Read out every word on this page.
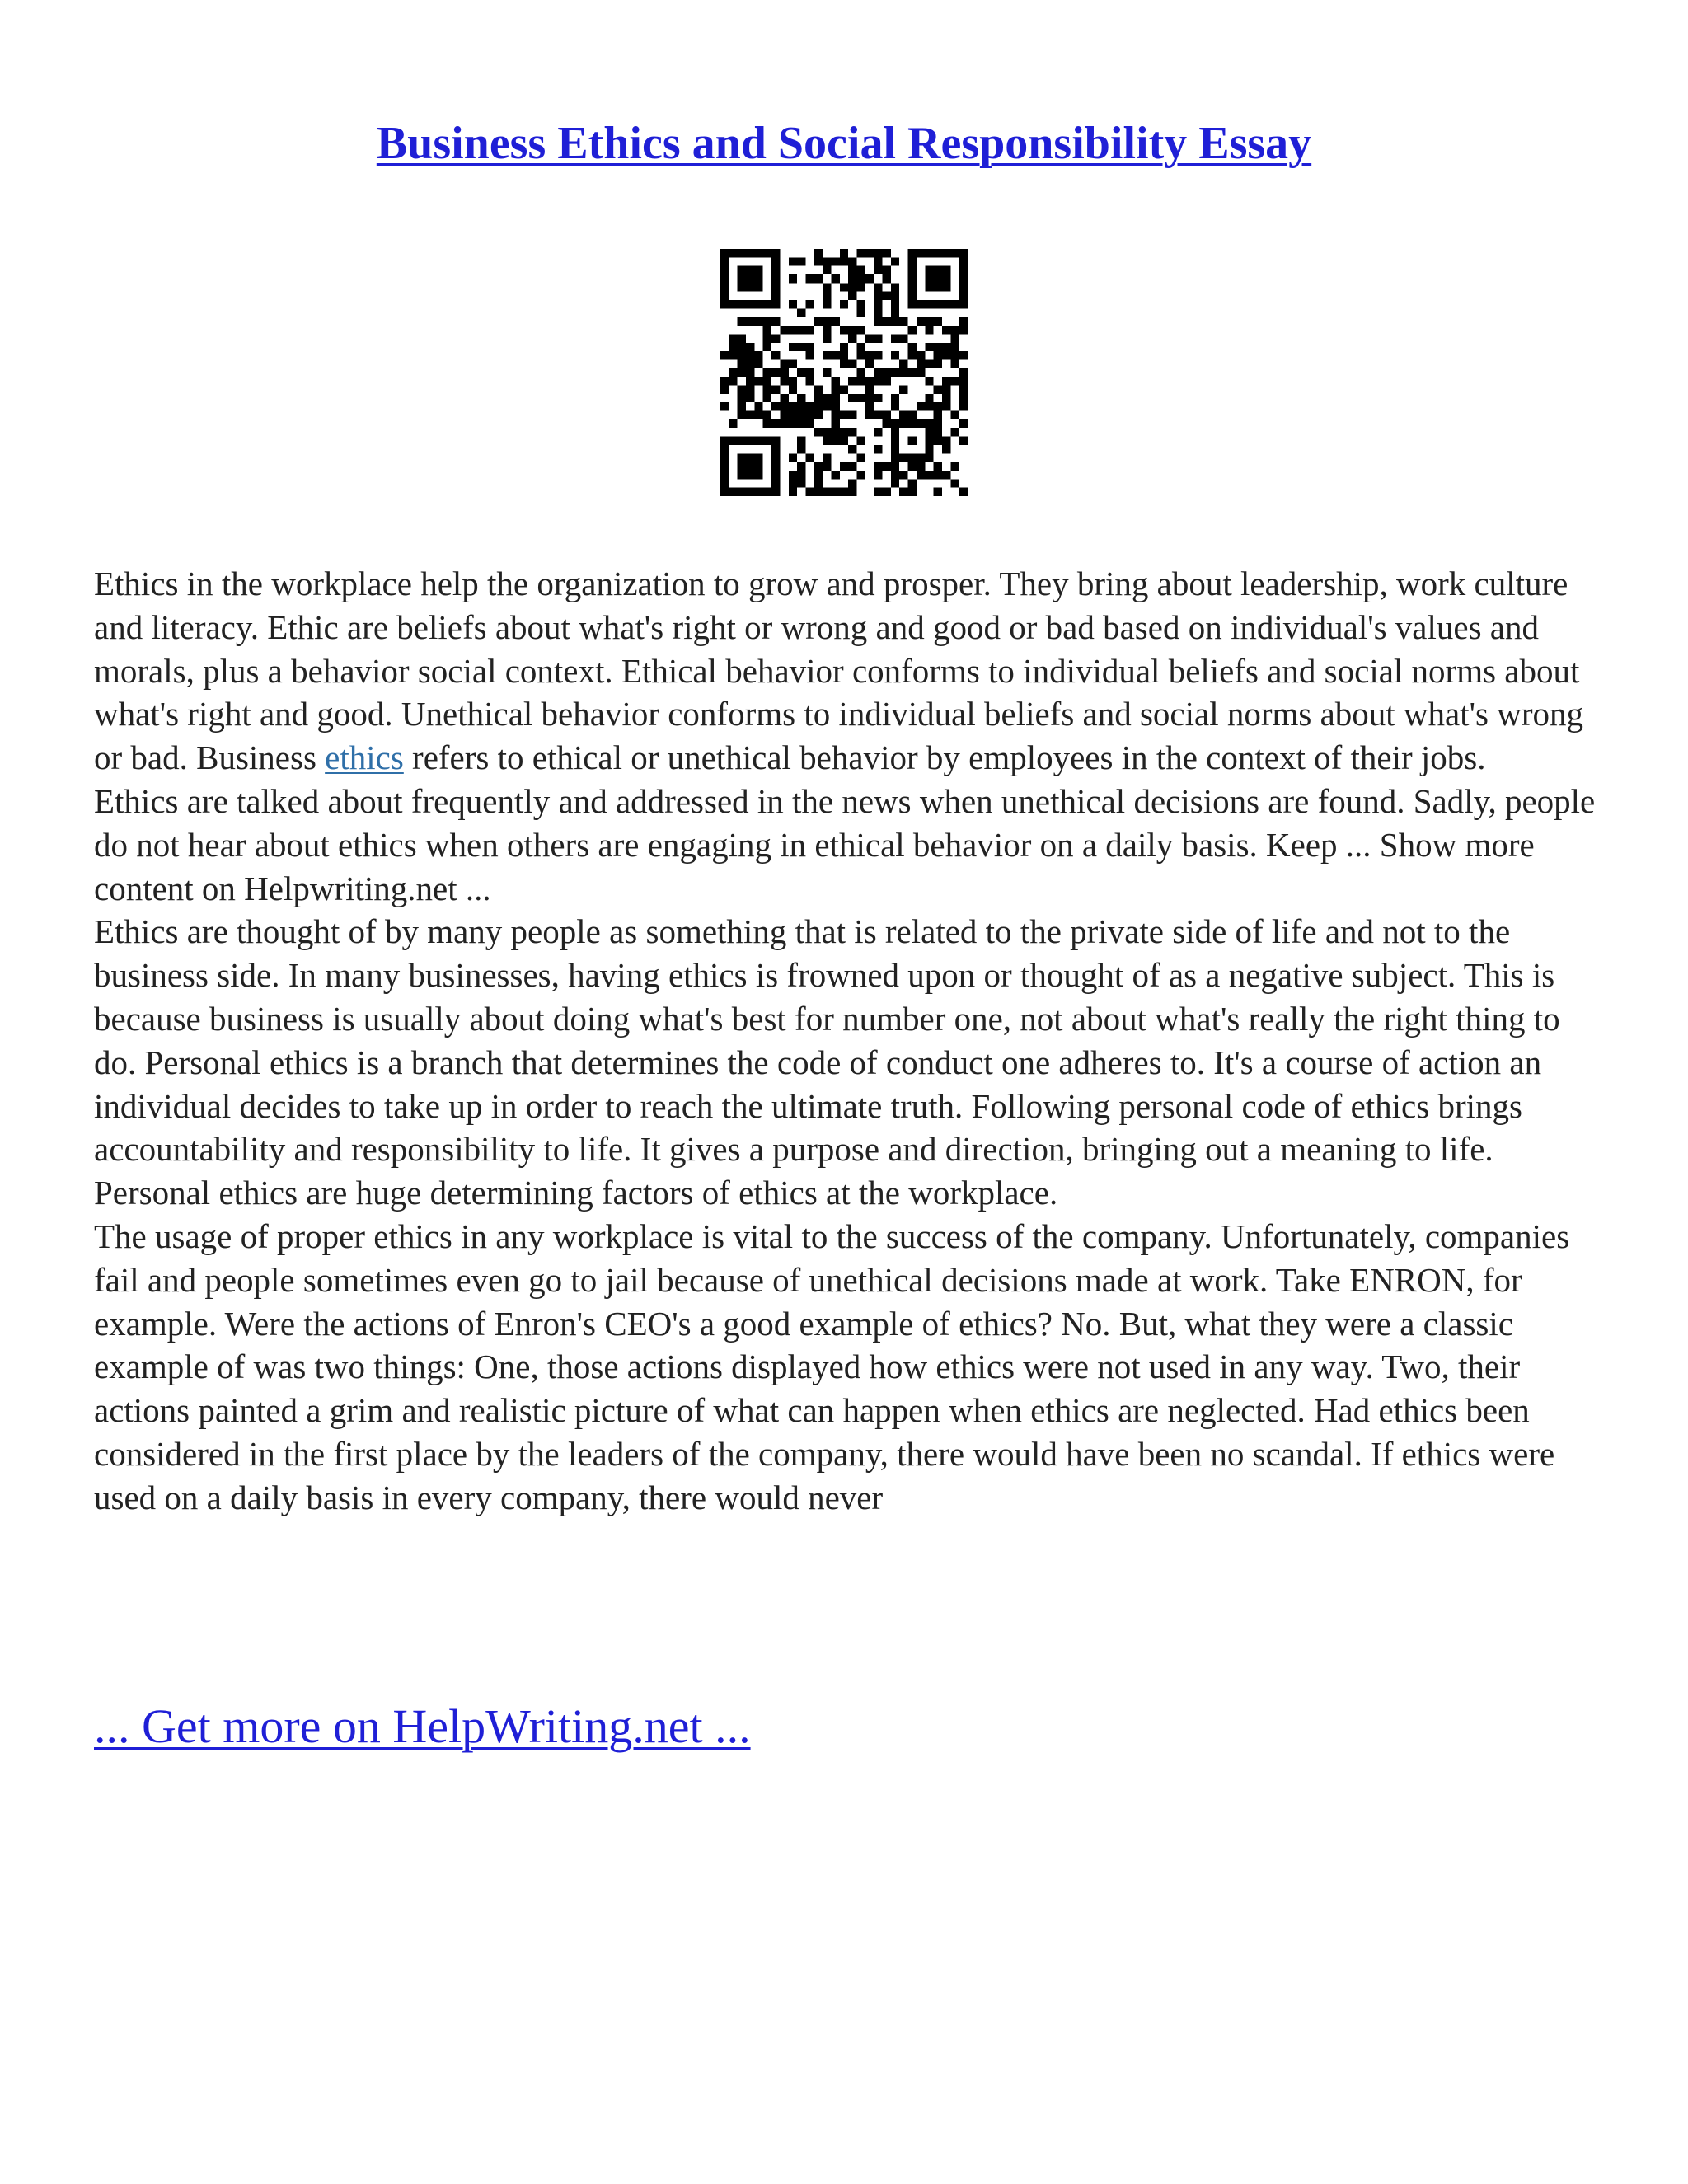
Business Ethics and Social Responsibility Essay

Ethics in the workplace help the organization to grow and prosper. They bring about leadership, work culture and literacy. Ethic are beliefs about what's right or wrong and good or bad based on individual's values and morals, plus a behavior social context. Ethical behavior conforms to individual beliefs and social norms about what's right and good. Unethical behavior conforms to individual beliefs and social norms about what's wrong or bad. Business ethics refers to ethical or unethical behavior by employees in the context of their jobs.

Ethics are talked about frequently and addressed in the news when unethical decisions are found. Sadly, people do not hear about ethics when others are engaging in ethical behavior on a daily basis. Keep ... Show more content on Helpwriting.net ...

Ethics are thought of by many people as something that is related to the private side of life and not to the business side. In many businesses, having ethics is frowned upon or thought of as a negative subject. This is because business is usually about doing what's best for number one, not about what's really the right thing to do. Personal ethics is a branch that determines the code of conduct one adheres to. It's a course of action an individual decides to take up in order to reach the ultimate truth. Following personal code of ethics brings accountability and responsibility to life. It gives a purpose and direction, bringing out a meaning to life. Personal ethics are huge determining factors of ethics at the workplace.

The usage of proper ethics in any workplace is vital to the success of the company. Unfortunately, companies fail and people sometimes even go to jail because of unethical decisions made at work. Take ENRON, for example. Were the actions of Enron's CEO's a good example of ethics? No. But, what they were a classic example of was two things: One, those actions displayed how ethics were not used in any way. Two, their actions painted a grim and realistic picture of what can happen when ethics are neglected. Had ethics been considered in the first place by the leaders of the company, there would have been no scandal. If ethics were used on a daily basis in every company, there would never

... Get more on HelpWriting.net ...
